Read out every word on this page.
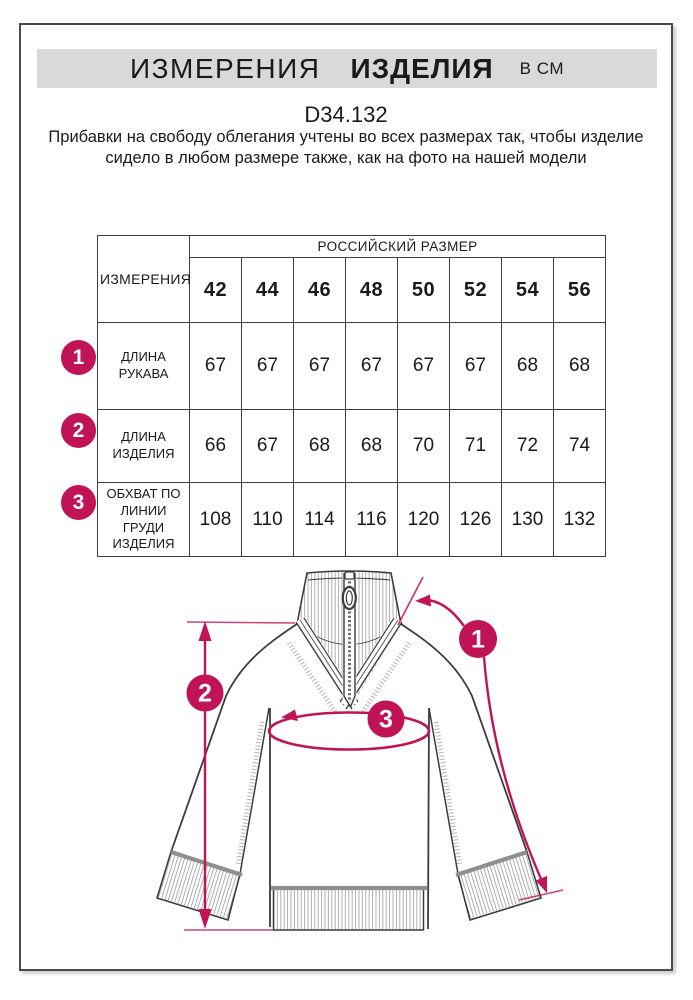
ИЗМЕРЕНИЯ ИЗДЕЛИЯ В СМ
D34.132
Прибавки на свободу облегания учтены во всех размерах так, чтобы изделие сидело в любом размере также, как на фото на нашей модели
ИЗМЕРЕНИЯ	РОССИЙСКИЙ РАЗМЕР							
	42	44	46	48	50	52	54	56
ДЛИНА РУКАВА	67	67	67	67	67	67	68	68
ДЛИНА ИЗДЕЛИЯ	66	67	68	68	70	71	72	74
ОБХВАТ ПО ЛИНИИ ГРУДИ ИЗДЕЛИЯ	108	110	114	116	120	126	130	132
1
2
3
1
2
3
